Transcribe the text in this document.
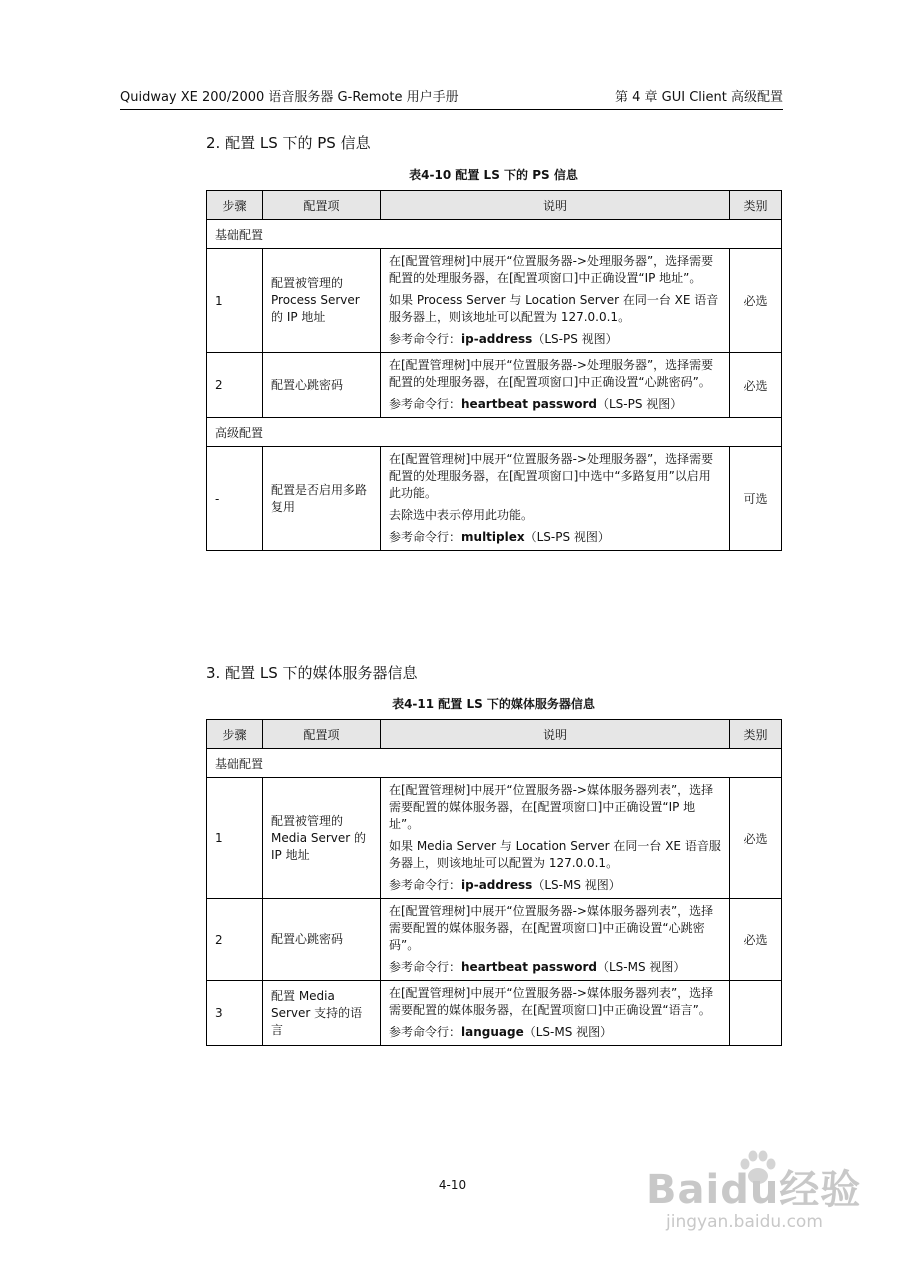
Quidway XE 200/2000 语音服务器 G-Remote 用户手册	第 4 章 GUI Client 高级配置
2. 配置 LS 下的 PS 信息
表4-10 配置 LS 下的 PS 信息
步骤	配置项	说明	类别
基础配置			
1	配置被管理的 Process Server 的 IP 地址	在[配置管理树]中展开“位置服务器->处理服务器”，选择需要配置的处理服务器，在[配置项窗口]中正确设置“IP 地址”。

如果 Process Server 与 Location Server 在同一台 XE 语音服务器上，则该地址可以配置为 127.0.0.1。

参考命令行：ip-address（LS-PS 视图）	必选
2	配置心跳密码	在[配置管理树]中展开“位置服务器->处理服务器”，选择需要配置的处理服务器，在[配置项窗口]中正确设置“心跳密码”。

参考命令行：heartbeat password（LS-PS 视图）	必选
高级配置			
-	配置是否启用多路复用	在[配置管理树]中展开“位置服务器->处理服务器”，选择需要配置的处理服务器，在[配置项窗口]中选中“多路复用”以启用此功能。

去除选中表示停用此功能。

参考命令行：multiplex（LS-PS 视图）	可选
3. 配置 LS 下的媒体服务器信息
表4-11 配置 LS 下的媒体服务器信息
步骤	配置项	说明	类别
基础配置			
1	配置被管理的 Media Server 的 IP 地址	在[配置管理树]中展开“位置服务器->媒体服务器列表”，选择需要配置的媒体服务器，在[配置项窗口]中正确设置“IP 地址”。

如果 Media Server 与 Location Server 在同一台 XE 语音服务器上，则该地址可以配置为 127.0.0.1。

参考命令行：ip-address（LS-MS 视图）	必选
2	配置心跳密码	在[配置管理树]中展开“位置服务器->媒体服务器列表”，选择需要配置的媒体服务器，在[配置项窗口]中正确设置“心跳密码”。

参考命令行：heartbeat password（LS-MS 视图）	必选
3	配置 Media Server 支持的语言	在[配置管理树]中展开“位置服务器->媒体服务器列表”，选择需要配置的媒体服务器，在[配置项窗口]中正确设置“语言”。

参考命令行：language（LS-MS 视图）	

4-10	Baidu经验
jingyan.baidu.com
